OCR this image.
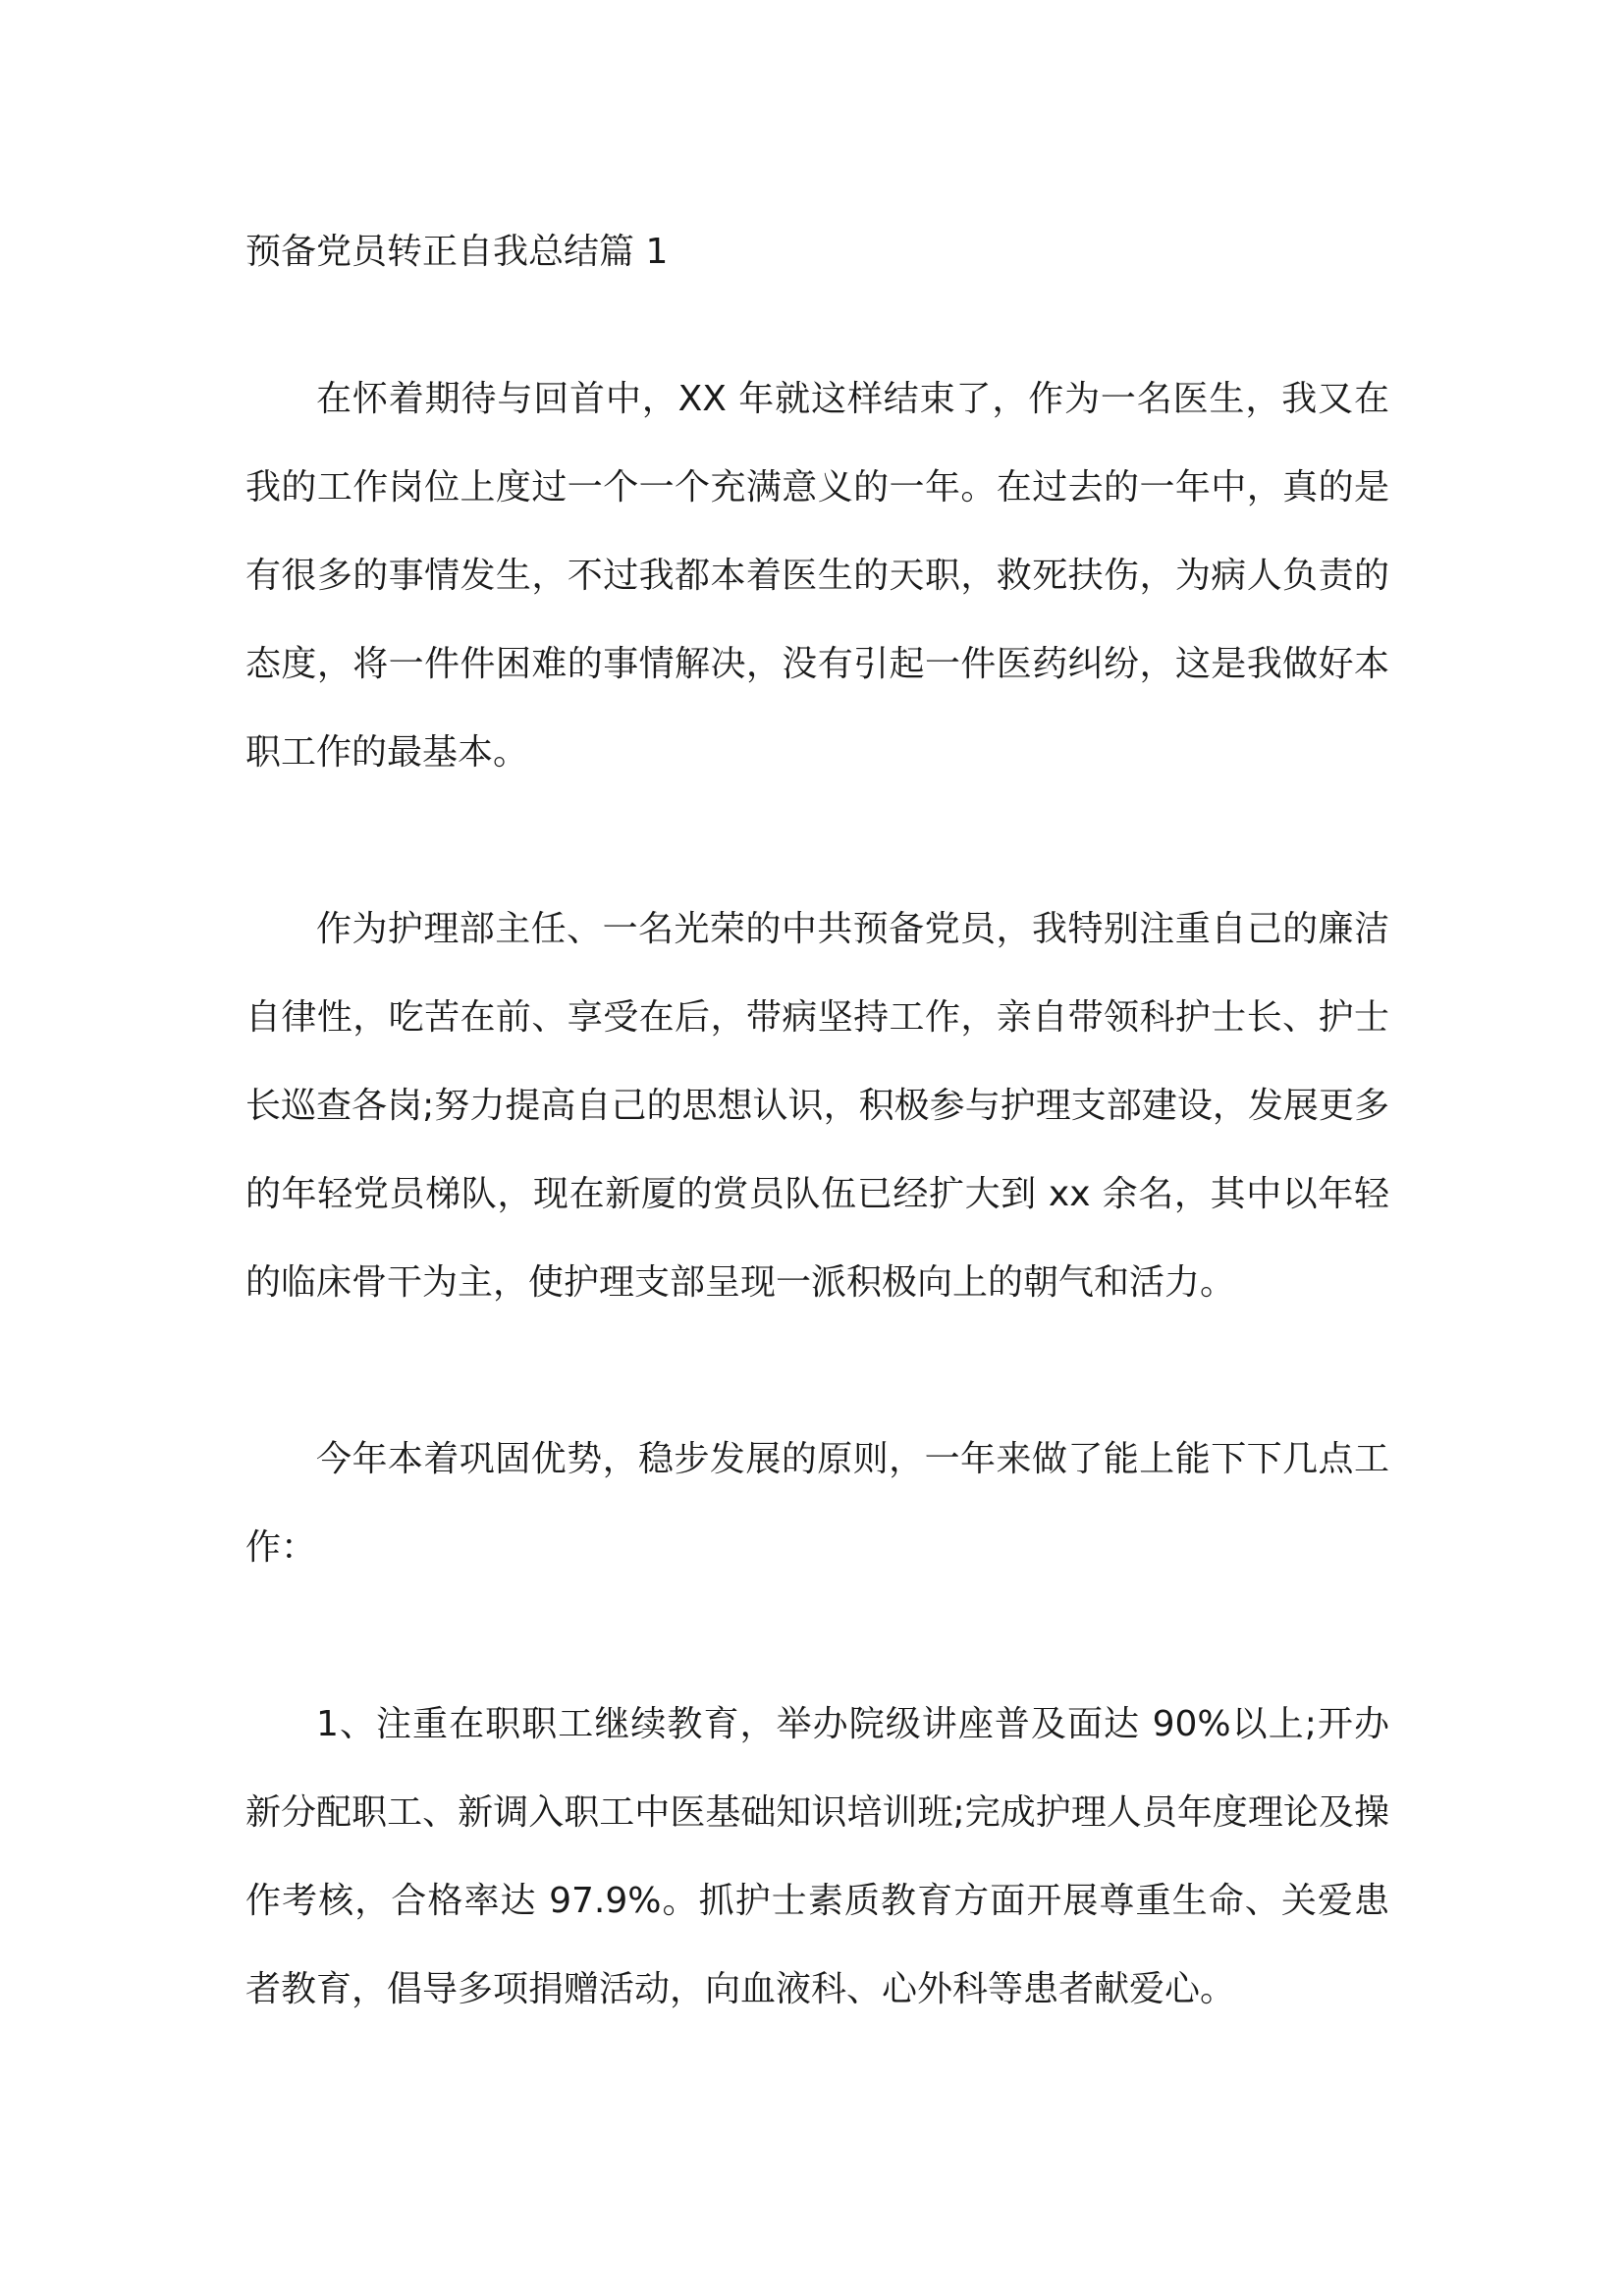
预备党员转正自我总结篇 1

在怀着期待与回首中，XX 年就这样结束了，作为一名医生，我又在我的工作岗位上度过一个一个充满意义的一年。在过去的一年中，真的是有很多的事情发生，不过我都本着医生的天职，救死扶伤，为病人负责的态度，将一件件困难的事情解决，没有引起一件医药纠纷，这是我做好本职工作的最基本。

作为护理部主任、一名光荣的中共预备党员，我特别注重自己的廉洁自律性，吃苦在前、享受在后，带病坚持工作，亲自带领科护士长、护士长巡查各岗;努力提高自己的思想认识，积极参与护理支部建设，发展更多的年轻党员梯队，现在新厦的赏员队伍已经扩大到 xx 余名，其中以年轻的临床骨干为主，使护理支部呈现一派积极向上的朝气和活力。

今年本着巩固优势，稳步发展的原则，一年来做了能上能下下几点工作：

1、注重在职职工继续教育，举办院级讲座普及面达 90%以上;开办新分配职工、新调入职工中医基础知识培训班;完成护理人员年度理论及操作考核，合格率达 97.9%。抓护士素质教育方面开展尊重生命、关爱患者教育，倡导多项捐赠活动，向血液科、心外科等患者献爱心。
